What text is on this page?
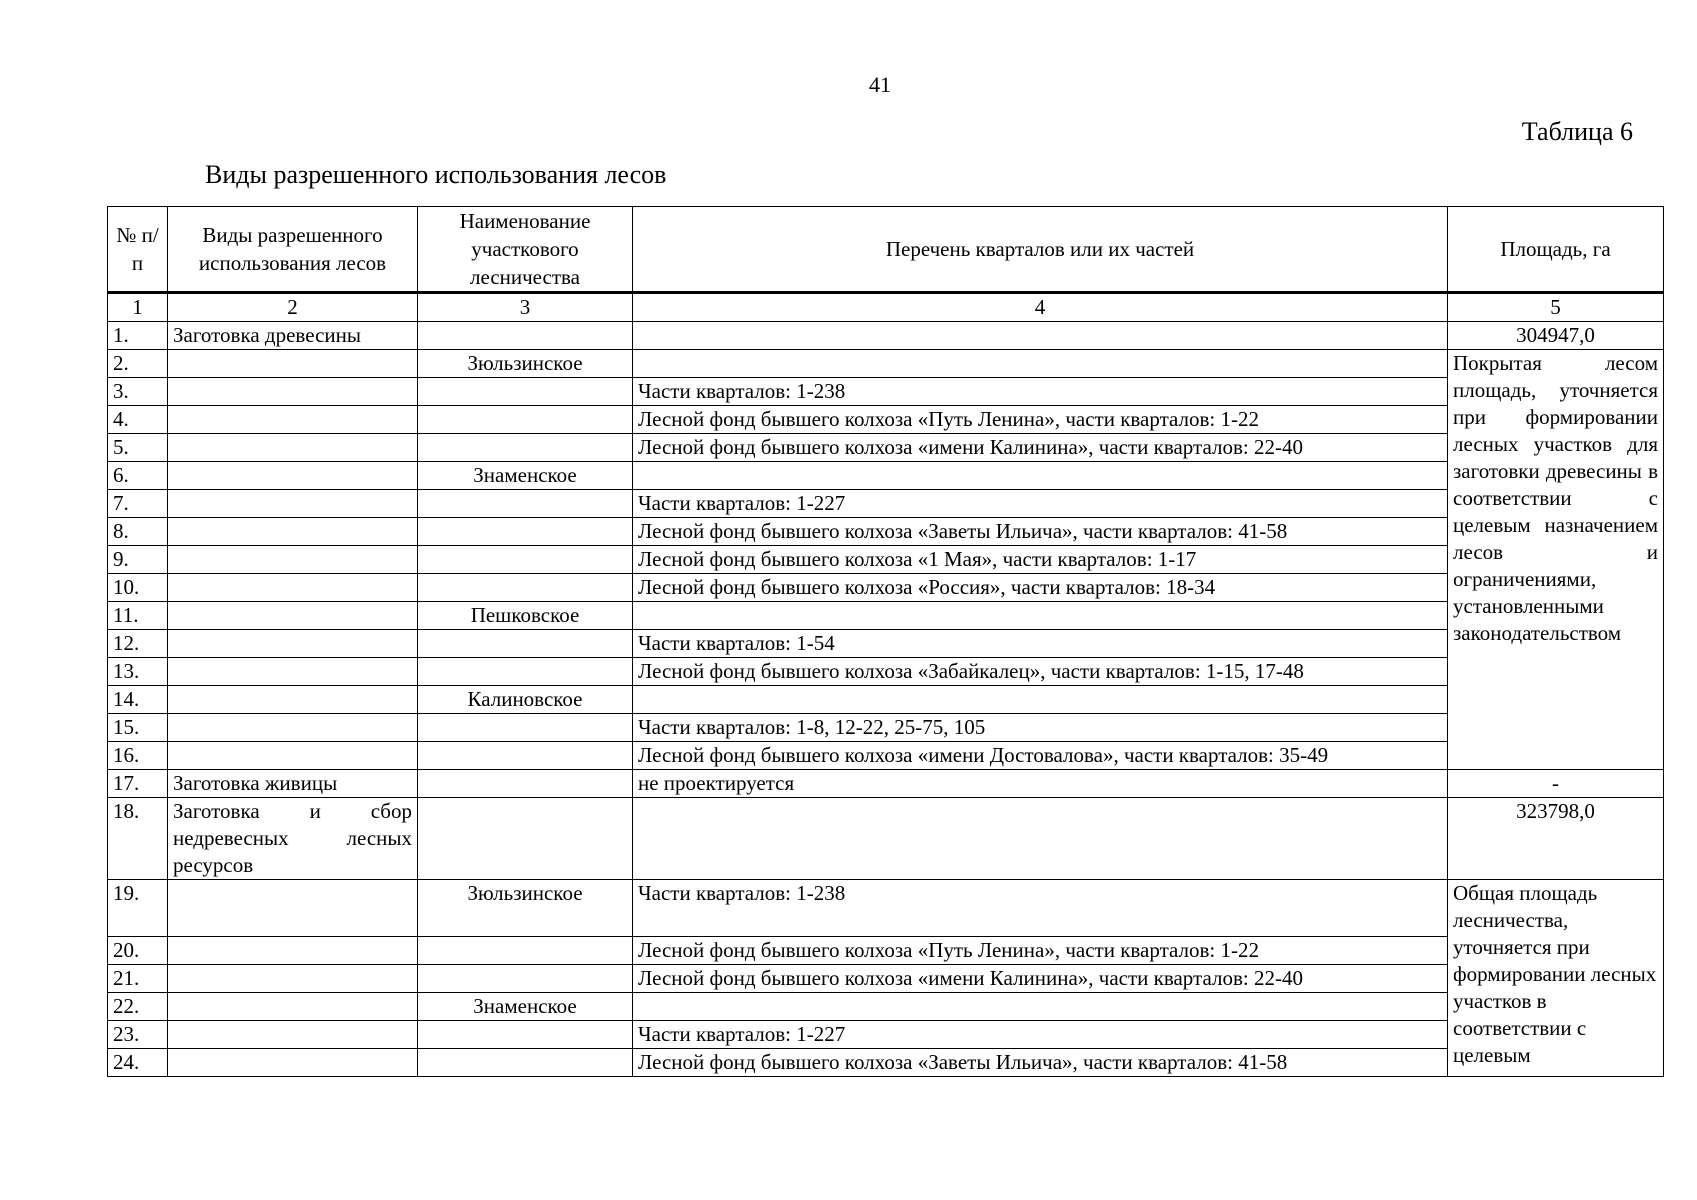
41
Таблица 6
Виды разрешенного использования лесов
№ п/п	Виды разрешенного использования лесов	Наименование участкового лесничества	Перечень кварталов или их частей	Площадь, га
1	2	3	4	5
1.	Заготовка древесины			304947,0
2.		Зюльзинское		Покрытая лесом площадь, уточняется при формировании лесных участков для заготовки древесины в соответствии с целевым назначением лесов и ограничениями, установленными законодательством
3.			Части кварталов: 1-238	
4.			Лесной фонд бывшего колхоза «Путь Ленина», части кварталов: 1-22	
5.			Лесной фонд бывшего колхоза «имени Калинина», части кварталов: 22-40	
6.		Знаменское		
7.			Части кварталов: 1-227	
8.			Лесной фонд бывшего колхоза «Заветы Ильича», части кварталов: 41-58	
9.			Лесной фонд бывшего колхоза «1 Мая», части кварталов: 1-17	
10.			Лесной фонд бывшего колхоза «Россия», части кварталов: 18-34	
11.		Пешковское		
12.			Части кварталов: 1-54	
13.			Лесной фонд бывшего колхоза «Забайкалец», части кварталов: 1-15, 17-48	
14.		Калиновское		
15.			Части кварталов: 1-8, 12-22, 25-75, 105	
16.			Лесной фонд бывшего колхоза «имени Достовалова», части кварталов: 35-49	
17.	Заготовка живицы		не проектируется	-
18.	Заготовка и сбор недревесных лесных ресурсов			323798,0
19.		Зюльзинское	Части кварталов: 1-238	Общая площадь лесничества, уточняется при формировании лесных участков в соответствии с целевым
20.			Лесной фонд бывшего колхоза «Путь Ленина», части кварталов: 1-22	
21.			Лесной фонд бывшего колхоза «имени Калинина», части кварталов: 22-40	
22.		Знаменское		
23.			Части кварталов: 1-227	
24.			Лесной фонд бывшего колхоза «Заветы Ильича», части кварталов: 41-58	
